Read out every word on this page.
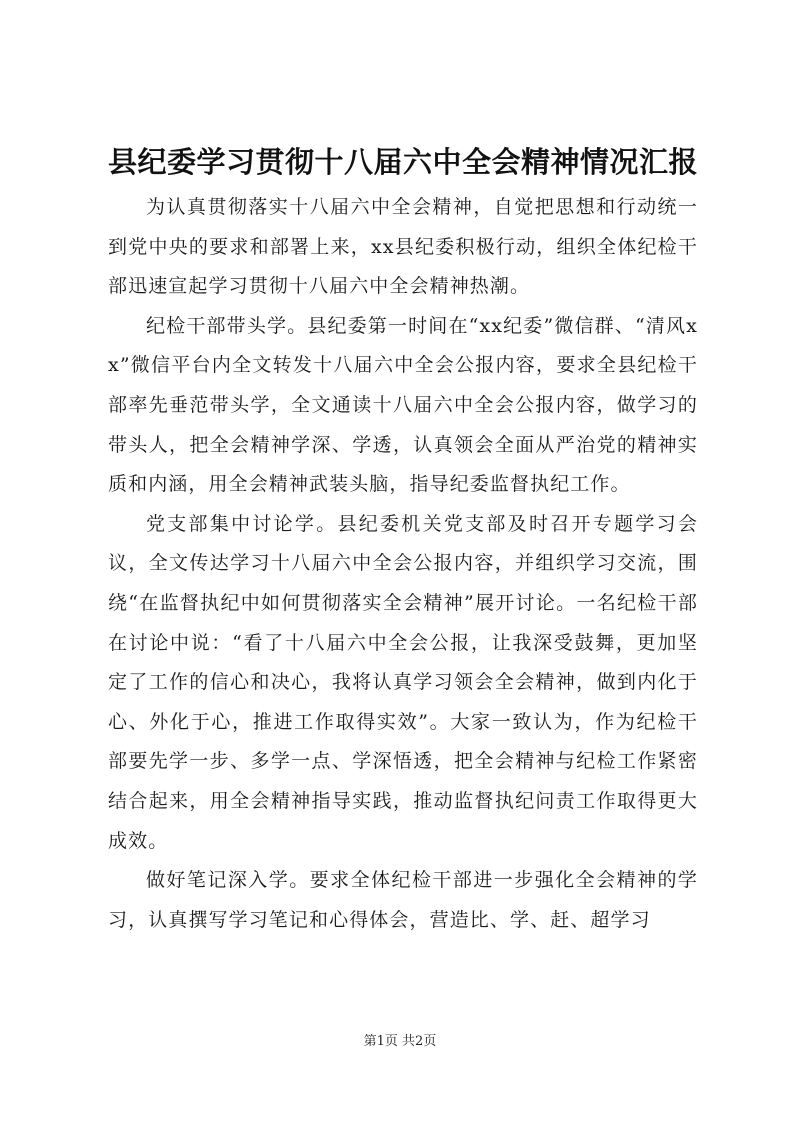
县纪委学习贯彻十八届六中全会精神情况汇报

为认真贯彻落实十八届六中全会精神，自觉把思想和行动统一到党中央的要求和部署上来，xx县纪委积极行动，组织全体纪检干部迅速宣起学习贯彻十八届六中全会精神热潮。

纪检干部带头学。县纪委第一时间在“xx纪委”微信群、“清风xx”微信平台内全文转发十八届六中全会公报内容，要求全县纪检干部率先垂范带头学，全文通读十八届六中全会公报内容，做学习的带头人，把全会精神学深、学透，认真领会全面从严治党的精神实质和内涵，用全会精神武装头脑，指导纪委监督执纪工作。

党支部集中讨论学。县纪委机关党支部及时召开专题学习会议，全文传达学习十八届六中全会公报内容，并组织学习交流，围绕“在监督执纪中如何贯彻落实全会精神”展开讨论。一名纪检干部在讨论中说：“看了十八届六中全会公报，让我深受鼓舞，更加坚定了工作的信心和决心，我将认真学习领会全会精神，做到内化于心、外化于心，推进工作取得实效”。大家一致认为，作为纪检干部要先学一步、多学一点、学深悟透，把全会精神与纪检工作紧密结合起来，用全会精神指导实践，推动监督执纪问责工作取得更大成效。

做好笔记深入学。要求全体纪检干部进一步强化全会精神的学习，认真撰写学习笔记和心得体会，营造比、学、赶、超学习

第1页 共2页
